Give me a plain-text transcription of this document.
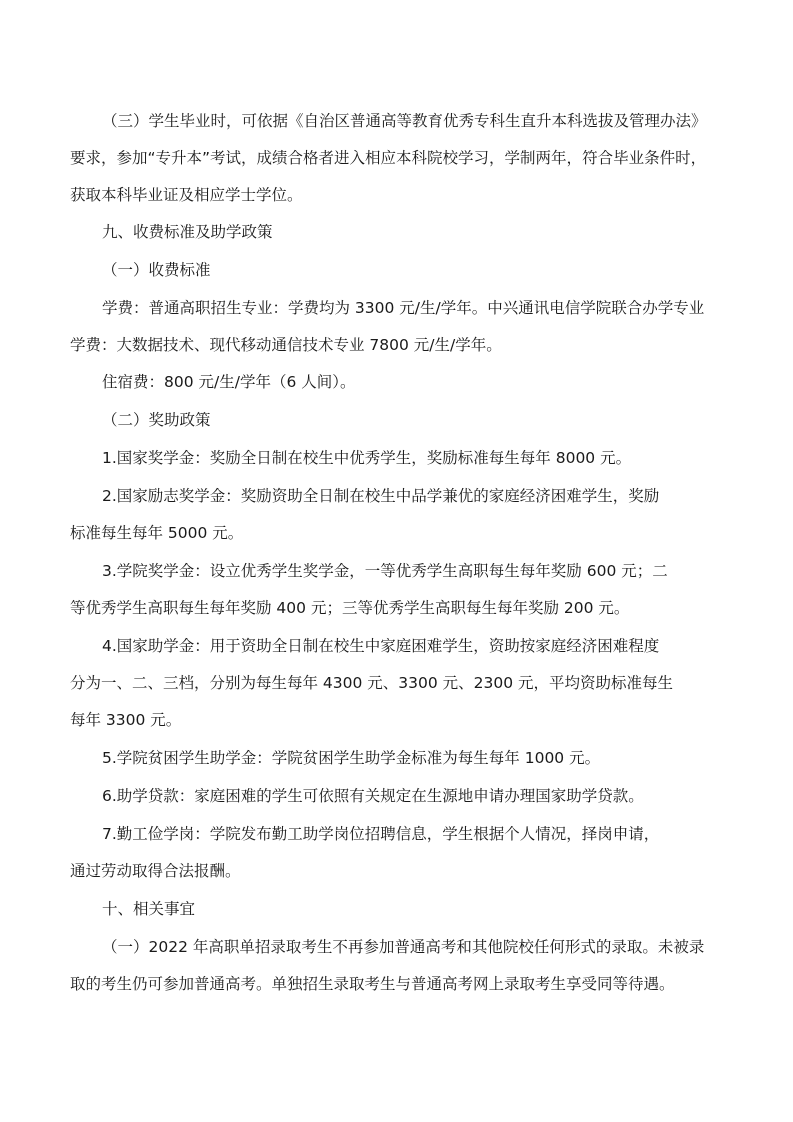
（三）学生毕业时，可依据《自治区普通高等教育优秀专科生直升本科选拔及管理办法》
要求，参加“专升本”考试，成绩合格者进入相应本科院校学习，学制两年，符合毕业条件时，
获取本科毕业证及相应学士学位。
九、收费标准及助学政策
（一）收费标准
学费：普通高职招生专业：学费均为 3300 元/生/学年。中兴通讯电信学院联合办学专业
学费：大数据技术、现代移动通信技术专业 7800 元/生/学年。
住宿费：800 元/生/学年（6 人间）。
（二）奖助政策
1.国家奖学金：奖励全日制在校生中优秀学生，奖励标准每生每年 8000 元。
2.国家励志奖学金：奖励资助全日制在校生中品学兼优的家庭经济困难学生，奖励
标准每生每年 5000 元。
3.学院奖学金：设立优秀学生奖学金，一等优秀学生高职每生每年奖励 600 元；二
等优秀学生高职每生每年奖励 400 元；三等优秀学生高职每生每年奖励 200 元。
4.国家助学金：用于资助全日制在校生中家庭困难学生，资助按家庭经济困难程度
分为一、二、三档，分别为每生每年 4300 元、3300 元、2300 元，平均资助标准每生
每年 3300 元。
5.学院贫困学生助学金：学院贫困学生助学金标准为每生每年 1000 元。
6.助学贷款：家庭困难的学生可依照有关规定在生源地申请办理国家助学贷款。
7.勤工俭学岗：学院发布勤工助学岗位招聘信息，学生根据个人情况，择岗申请，
通过劳动取得合法报酬。
十、相关事宜
（一）2022 年高职单招录取考生不再参加普通高考和其他院校任何形式的录取。未被录
取的考生仍可参加普通高考。单独招生录取考生与普通高考网上录取考生享受同等待遇。
